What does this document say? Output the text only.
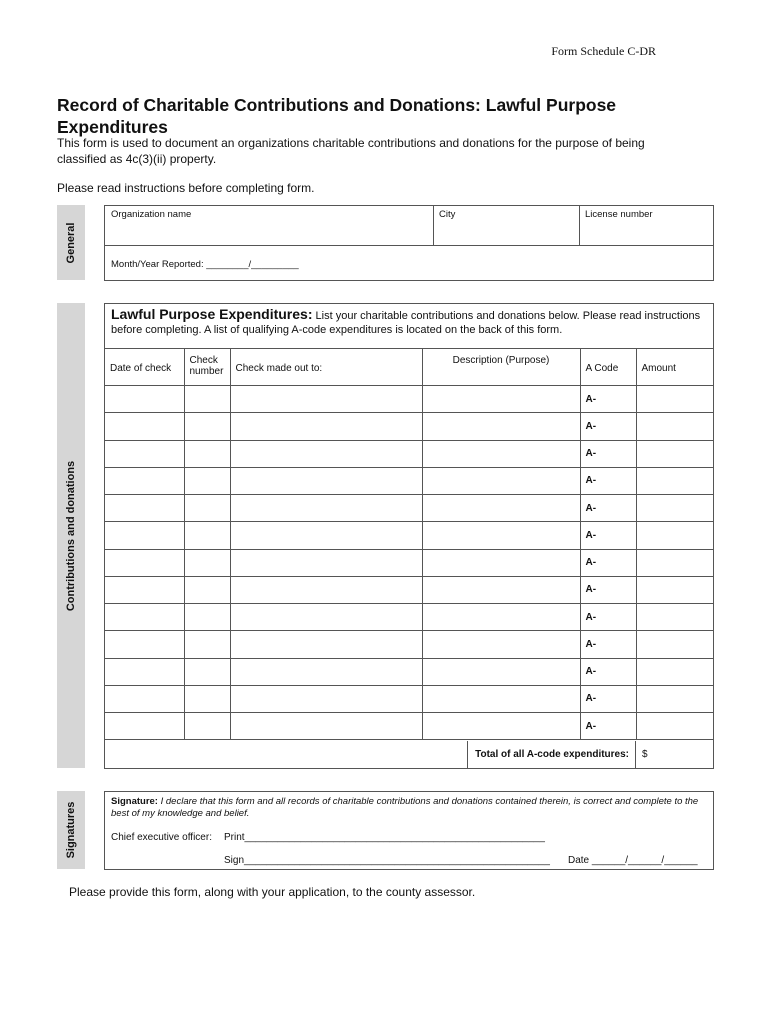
Form Schedule C-DR
Record of Charitable Contributions and Donations: Lawful Purpose Expenditures

This form is used to document an organizations charitable contributions and donations for the purpose of being classified as 4c(3)(ii) property.

Please read instructions before completing form.
General
Organization name	City	License number
Month/Year Reported: ________/_________
Contributions and donations
Lawful Purpose Expenditures: List your charitable contributions and donations below. Please read instructions before completing. A list of qualifying A-code expenditures is located on the back of this form.
Date of check	Check number	Check made out to:	Description (Purpose)	A Code	Amount
				A-	
				A-	
				A-	
				A-	
				A-	
				A-	
				A-	
				A-	
				A-	
				A-	
				A-	
				A-	
				A-	
Total of all A-code expenditures:	$
Signatures
Signature: I declare that this form and all records of charitable contributions and donations contained therein, is correct and complete to the best of my knowledge and belief.
Chief executive officer: Print______________________________________________________
Sign_______________________________________________________ Date ______/______/______
Please provide this form, along with your application, to the county assessor.
